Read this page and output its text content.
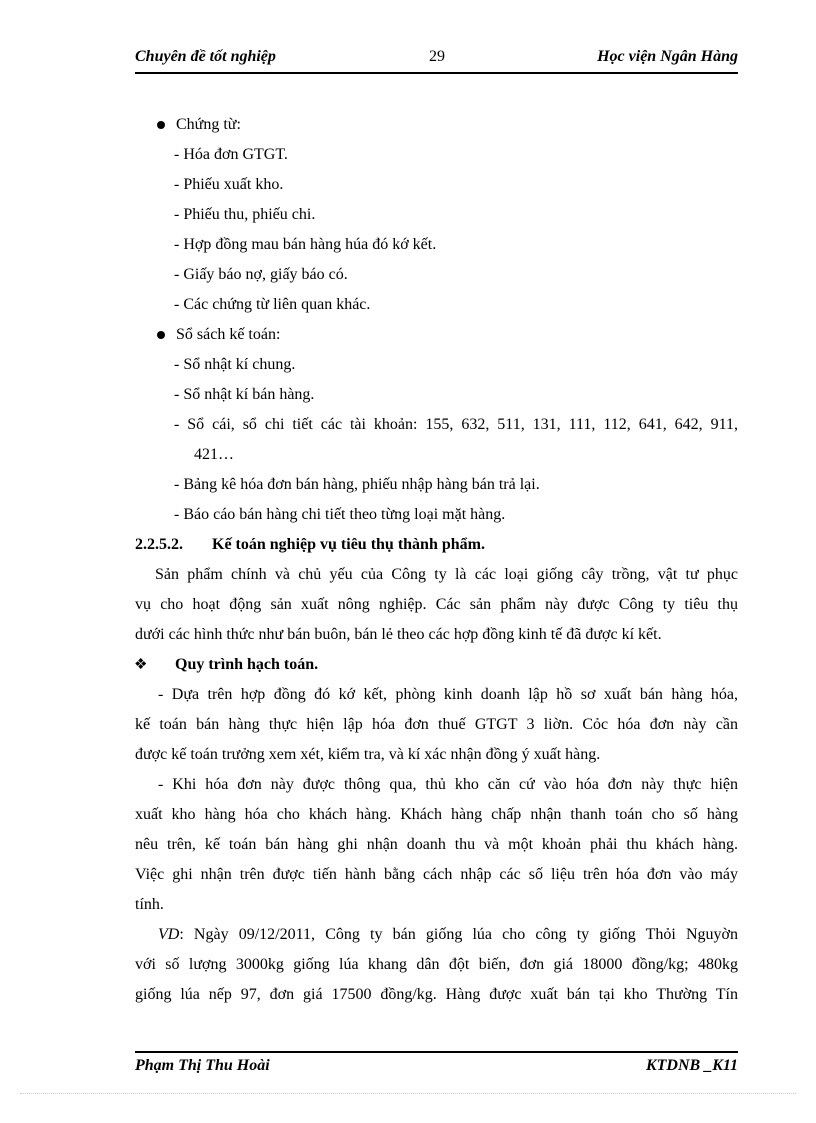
Chuyên đề tốt nghiệp	29	Học viện Ngân Hàng
Chứng từ:
- Hóa đơn GTGT.
- Phiếu xuất kho.
- Phiếu thu, phiếu chi.
- Hợp đồng mau bán hàng húa đó kớ kết.
- Giấy báo nợ, giấy báo có.
- Các chứng từ liên quan khác.
Sổ sách kế toán:
- Sổ nhật kí chung.
- Sổ nhật kí bán hàng.
- Sổ cái, sổ chi tiết các tài khoản: 155, 632, 511, 131, 111, 112, 641, 642, 911,
421…
- Bảng kê hóa đơn bán hàng, phiếu nhập hàng bán trả lại.
- Báo cáo bán hàng chi tiết theo từng loại mặt hàng.
2.2.5.2. Kế toán nghiệp vụ tiêu thụ thành phẩm.
Sản phẩm chính và chủ yếu của Công ty là các loại giống cây trồng, vật tư phục
vụ cho hoạt động sản xuất nông nghiệp. Các sản phẩm này được Công ty tiêu thụ
dưới các hình thức như bán buôn, bán lẻ theo các hợp đồng kinh tế đã được kí kết.
❖ Quy trình hạch toán.
- Dựa trên hợp đồng đó kớ kết, phòng kinh doanh lập hồ sơ xuất bán hàng hóa,
kế toán bán hàng thực hiện lập hóa đơn thuế GTGT 3 liờn. Cỏc hóa đơn này cần
được kế toán trưởng xem xét, kiểm tra, và kí xác nhận đồng ý xuất hàng.
- Khi hóa đơn này được thông qua, thủ kho căn cứ vào hóa đơn này thực hiện
xuất kho hàng hóa cho khách hàng. Khách hàng chấp nhận thanh toán cho số hàng
nêu trên, kế toán bán hàng ghi nhận doanh thu và một khoản phải thu khách hàng.
Việc ghi nhận trên được tiến hành bằng cách nhập các số liệu trên hóa đơn vào máy
tính.
VD: Ngày 09/12/2011, Công ty bán giống lúa cho công ty giống Thỏi Nguyờn
với số lượng 3000kg giống lúa khang dân đột biến, đơn giá 18000 đồng/kg; 480kg
giống lúa nếp 97, đơn giá 17500 đồng/kg. Hàng được xuất bán tại kho Thường Tín
Phạm Thị Thu Hoài	KTDNB _K11
